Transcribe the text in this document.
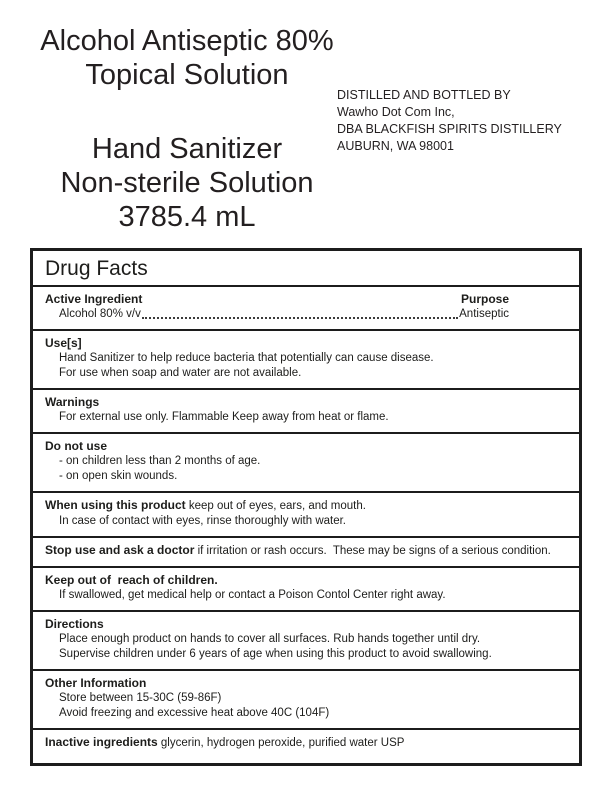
Alcohol Antiseptic 80%
Topical Solution
Hand Sanitizer
Non-sterile Solution
3785.4 mL
DISTILLED AND BOTTLED BY
Wawho Dot Com Inc,
DBA BLACKFISH SPIRITS DISTILLERY
AUBURN, WA 98001
Drug Facts
Active Ingredient	Purpose
Alcohol 80% v/v	Antiseptic

Use[s]

Hand Sanitizer to help reduce bacteria that potentially can cause disease.

For use when soap and water are not available.

Warnings

For external use only. Flammable Keep away from heat or flame.

Do not use

- on children less than 2 months of age.

- on open skin wounds.

When using this product keep out of eyes, ears, and mouth.

In case of contact with eyes, rinse thoroughly with water.

Stop use and ask a doctor if irritation or rash occurs.  These may be signs of a serious condition.

Keep out of  reach of children.

If swallowed, get medical help or contact a Poison Contol Center right away.

Directions

Place enough product on hands to cover all surfaces. Rub hands together until dry.

Supervise children under 6 years of age when using this product to avoid swallowing.

Other Information

Store between 15-30C (59-86F)

Avoid freezing and excessive heat above 40C (104F)

Inactive ingredients glycerin, hydrogen peroxide, purified water USP
